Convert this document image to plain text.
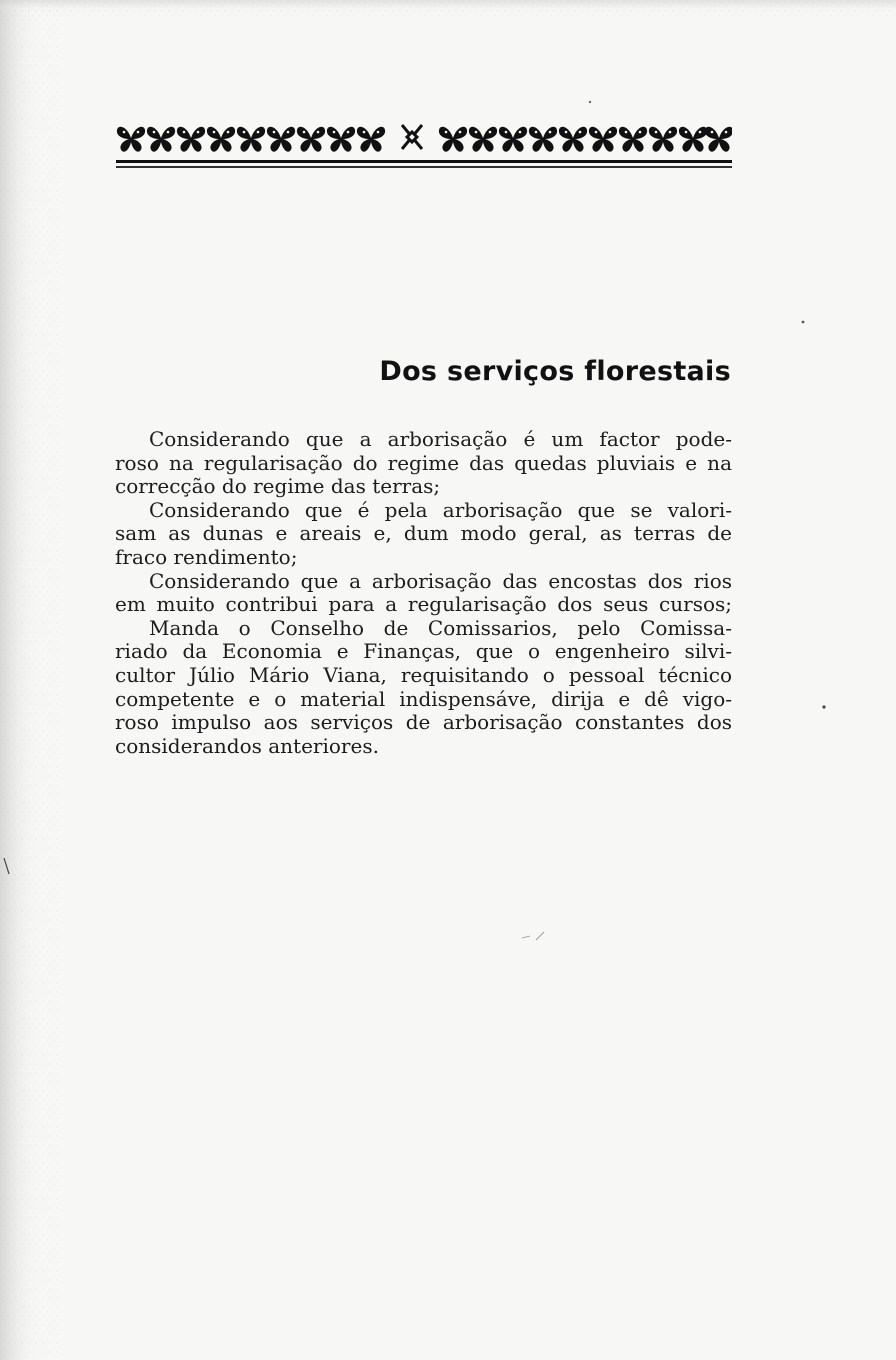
Dos serviços florestais
Considerando que a arborisação é um factor pode-
roso na regularisação do regime das quedas pluviais e na
correcção do regime das terras;
Considerando que é pela arborisação que se valori-
sam as dunas e areais e, dum modo geral, as terras de
fraco rendimento;
Considerando que a arborisação das encostas dos rios
em muito contribui para a regularisação dos seus cursos;
Manda o Conselho de Comissarios, pelo Comissa-
riado da Economia e Finanças, que o engenheiro silvi-
cultor Júlio Mário Viana, requisitando o pessoal técnico
competente e o material indispensáve, dirija e dê vigo-
roso impulso aos serviços de arborisação constantes dos
considerandos anteriores.
